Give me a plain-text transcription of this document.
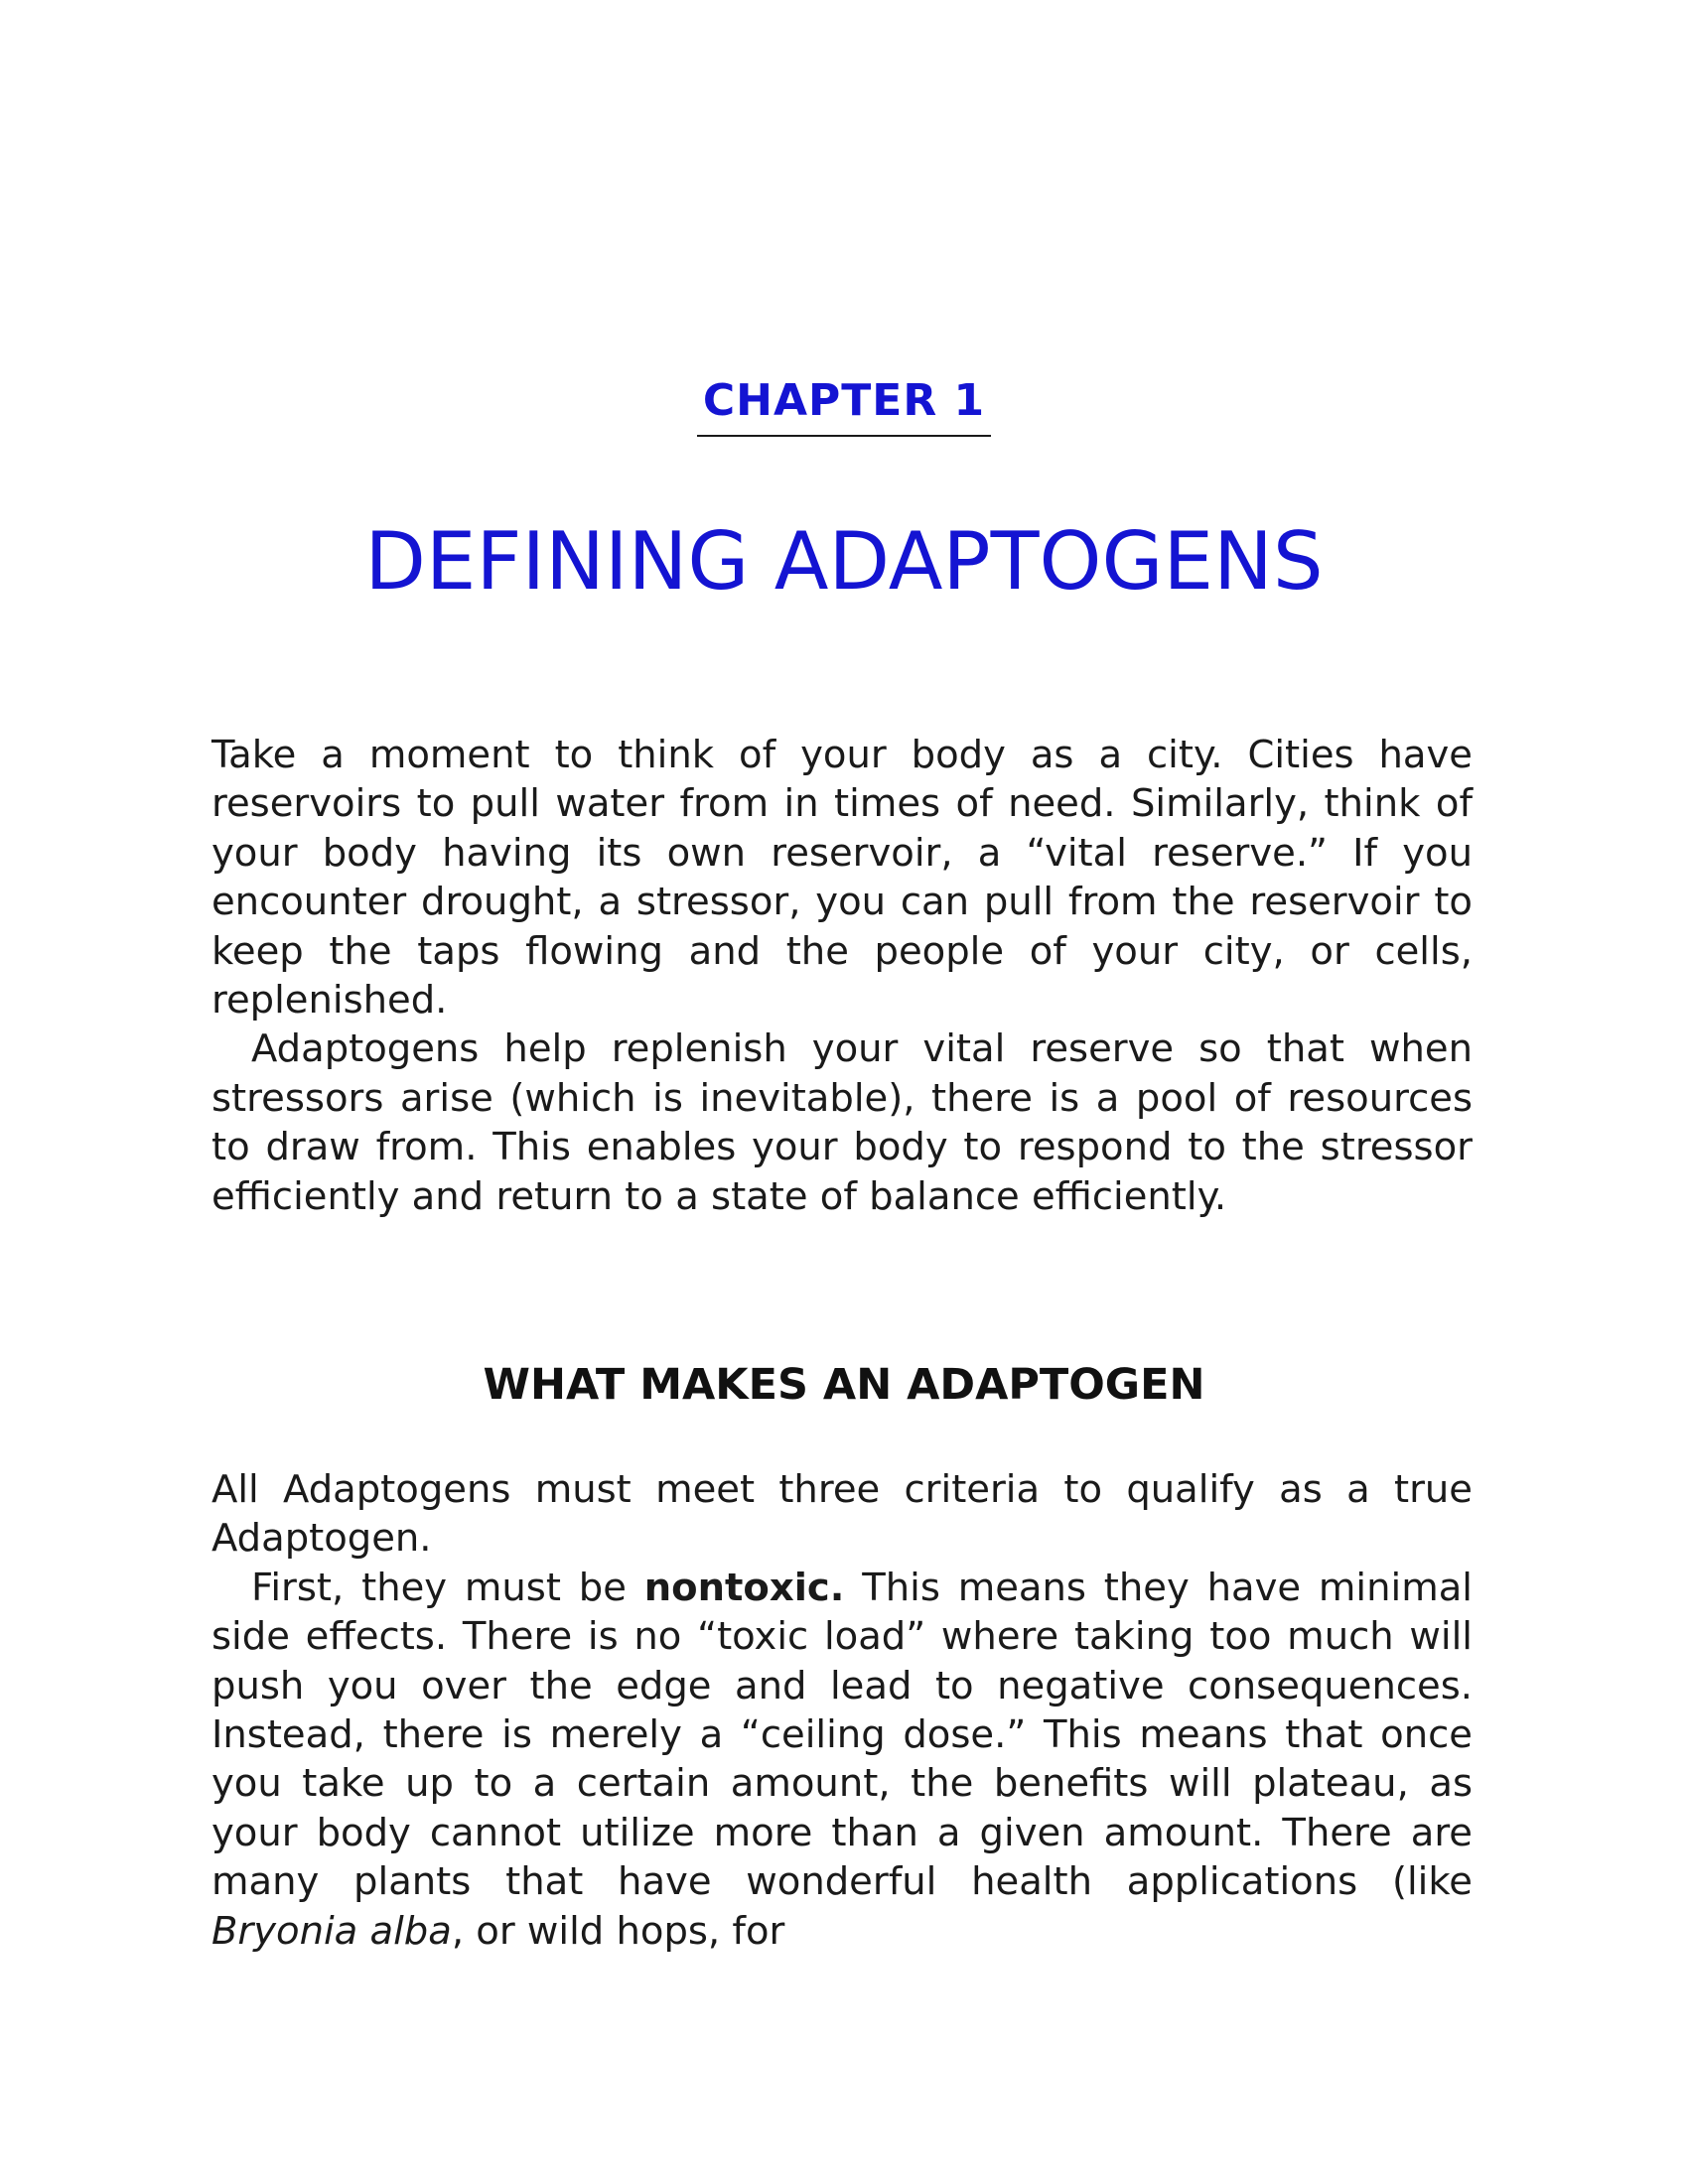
CHAPTER 1
DEFINING ADAPTOGENS

Take a moment to think of your body as a city. Cities have reservoirs to pull water from in times of need. Similarly, think of your body having its own reservoir, a “vital reserve.” If you encounter drought, a stressor, you can pull from the reservoir to keep the taps flowing and the people of your city, or cells, replenished.

Adaptogens help replenish your vital reserve so that when stressors arise (which is inevitable), there is a pool of resources to draw from. This enables your body to respond to the stressor efficiently and return to a state of balance efficiently.

WHAT MAKES AN ADAPTOGEN

All Adaptogens must meet three criteria to qualify as a true Adaptogen.

First, they must be nontoxic. This means they have minimal side effects. There is no “toxic load” where taking too much will push you over the edge and lead to negative consequences. Instead, there is merely a “ceiling dose.” This means that once you take up to a certain amount, the benefits will plateau, as your body cannot utilize more than a given amount. There are many plants that have wonderful health applications (like Bryonia alba, or wild hops, for
